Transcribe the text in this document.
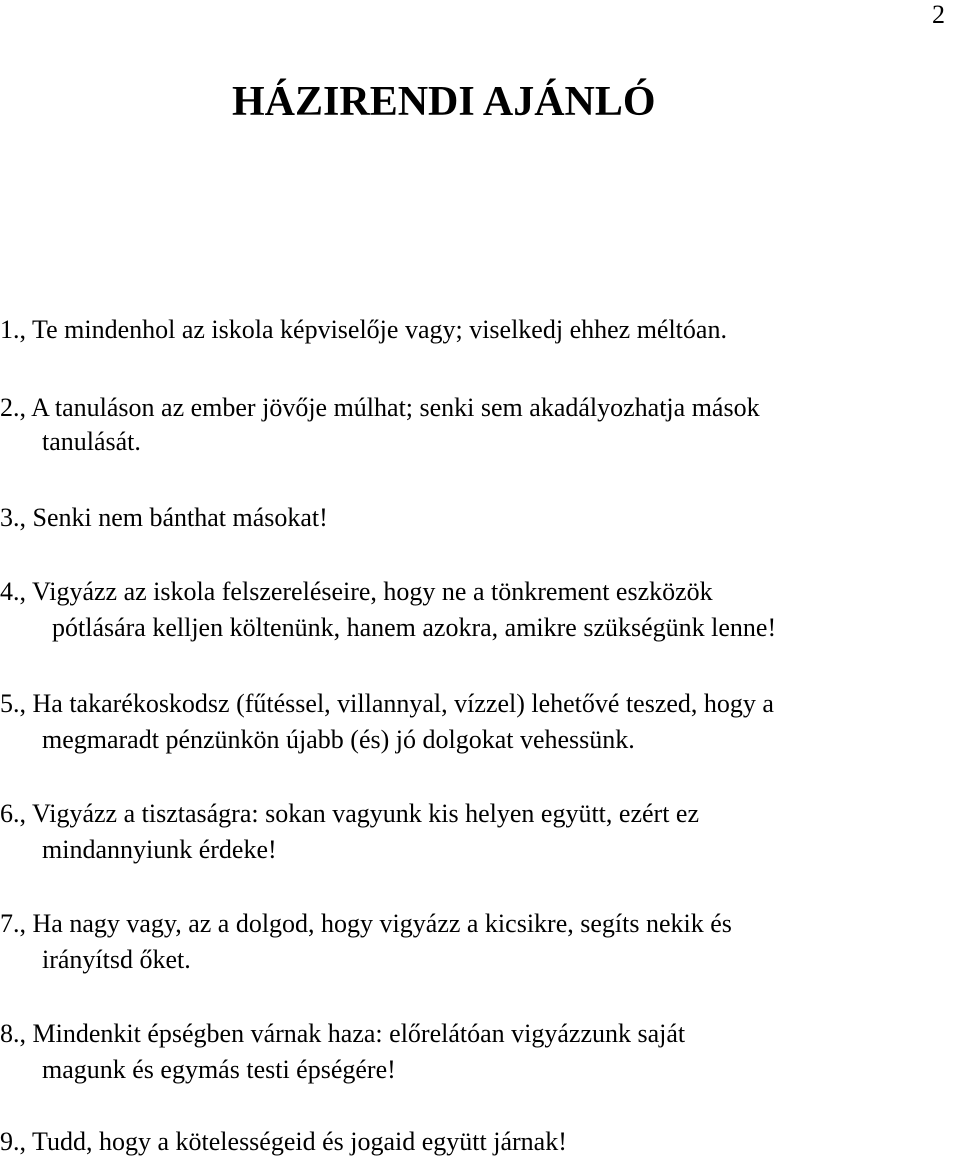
2
HÁZIRENDI AJÁNLÓ
1., Te mindenhol az iskola képviselője vagy; viselkedj ehhez méltóan.
2., A tanuláson az ember jövője múlhat; senki sem akadályozhatja mások
tanulását.
3., Senki nem bánthat másokat!
4., Vigyázz az iskola felszereléseire, hogy ne a tönkrement eszközök
pótlására kelljen költenünk, hanem azokra, amikre szükségünk lenne!
5., Ha takarékoskodsz (fűtéssel, villannyal, vízzel) lehetővé teszed, hogy a
megmaradt pénzünkön újabb (és) jó dolgokat vehessünk.
6., Vigyázz a tisztaságra: sokan vagyunk kis helyen együtt, ezért ez
mindannyiunk érdeke!
7., Ha nagy vagy, az a dolgod, hogy vigyázz a kicsikre, segíts nekik és
irányítsd őket.
8., Mindenkit épségben várnak haza: előrelátóan vigyázzunk saját
magunk és egymás testi épségére!
9., Tudd, hogy a kötelességeid és jogaid együtt járnak!
